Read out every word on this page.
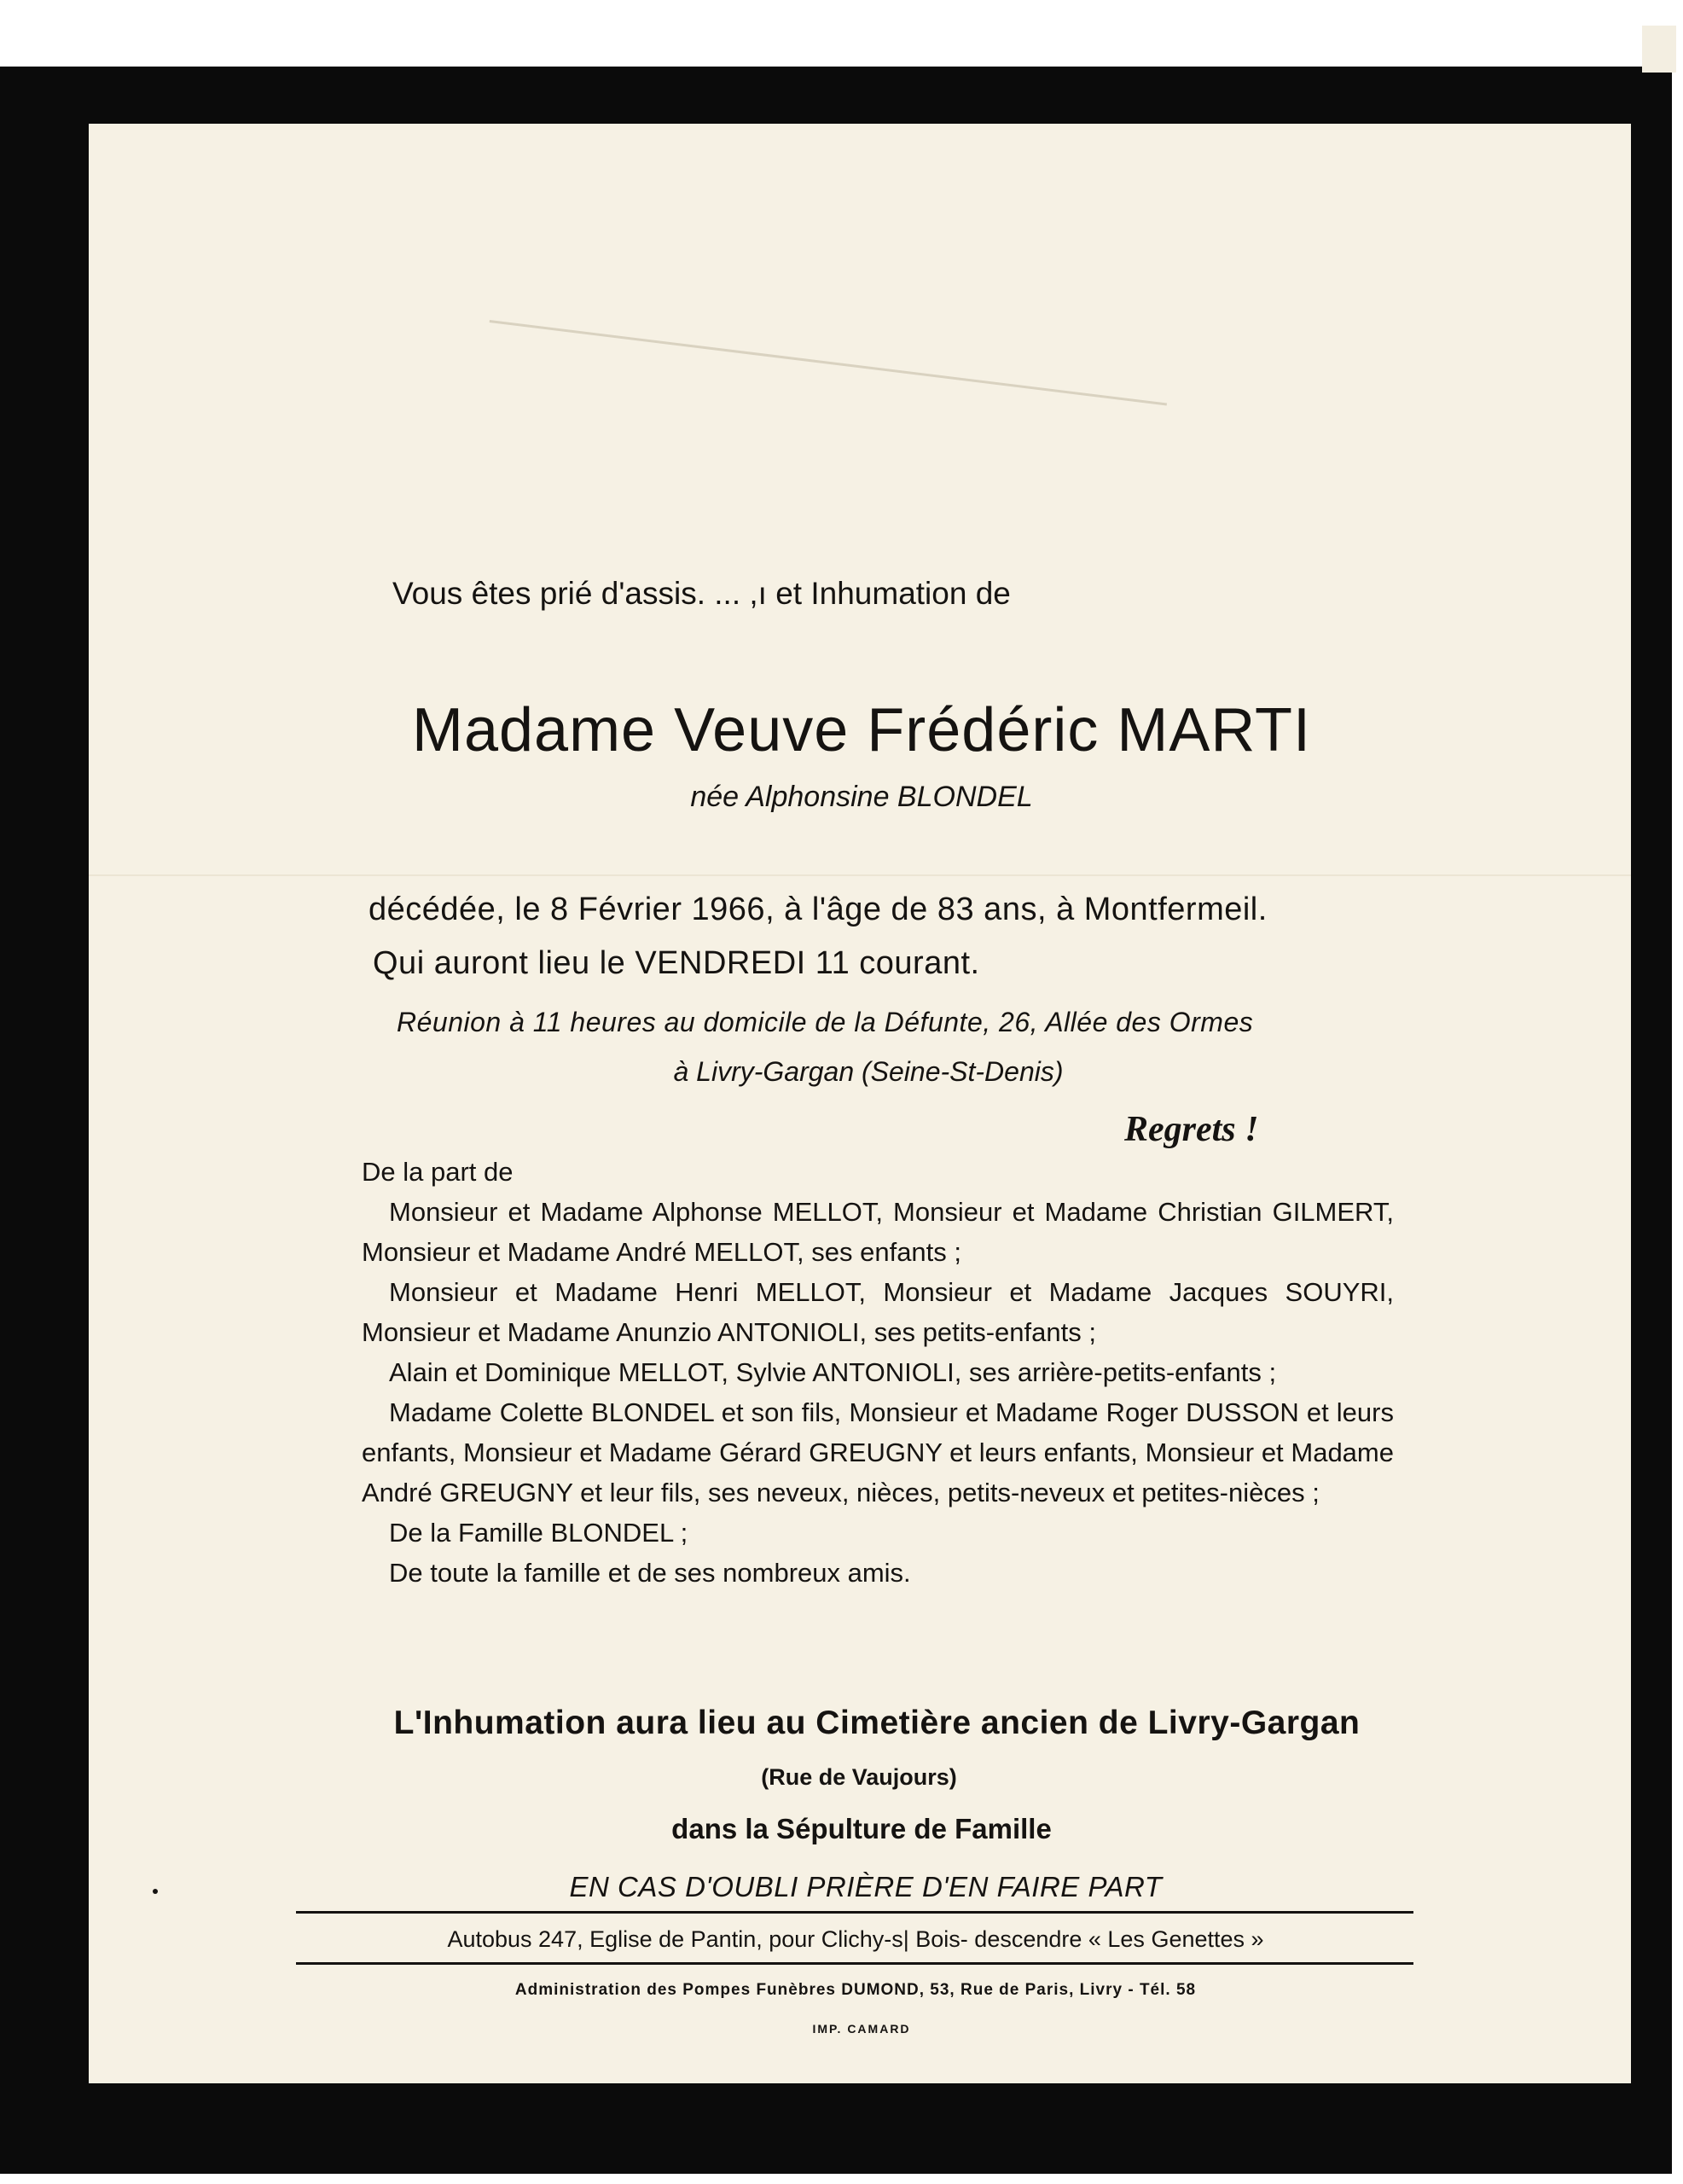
Vous êtes prié d'assis. ... ,ı et Inhumation de
Madame Veuve Frédéric MARTI
née Alphonsine BLONDEL
décédée, le 8 Février 1966, à l'âge de 83 ans, à Montfermeil.
Qui auront lieu le VENDREDI 11 courant.
Réunion à 11 heures au domicile de la Défunte, 26, Allée des Ormes
à Livry-Gargan (Seine-St-Denis)
Regrets !

De la part de

Monsieur et Madame Alphonse MELLOT, Monsieur et Madame Christian GILMERT, Monsieur et Madame André MELLOT, ses enfants ;

Monsieur et Madame Henri MELLOT, Monsieur et Madame Jacques SOUYRI, Monsieur et Madame Anunzio ANTONIOLI, ses petits-enfants ;

Alain et Dominique MELLOT, Sylvie ANTONIOLI, ses arrière-petits-enfants ;

Madame Colette BLONDEL et son fils, Monsieur et Madame Roger DUSSON et leurs enfants, Monsieur et Madame Gérard GREUGNY et leurs enfants, Monsieur et Madame André GREUGNY et leur fils, ses neveux, nièces, petits-neveux et petites-nièces ;

De la Famille BLONDEL ;

De toute la famille et de ses nombreux amis.

L'Inhumation aura lieu au Cimetière ancien de Livry-Gargan
(Rue de Vaujours)
dans la Sépulture de Famille
EN CAS D'OUBLI PRIÈRE D'EN FAIRE PART
Autobus 247, Eglise de Pantin, pour Clichy-s| Bois- descendre « Les Genettes »
Administration des Pompes Funèbres DUMOND, 53, Rue de Paris, Livry - Tél. 58
IMP. CAMARD
